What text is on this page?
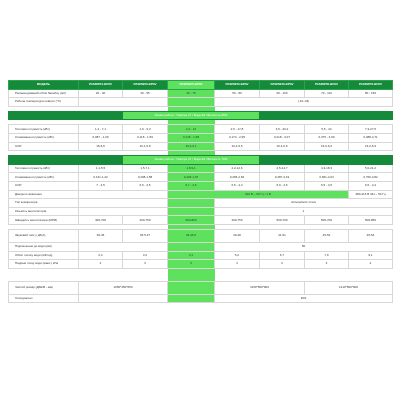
МОДЕЛЬ	PASRW15-BPAV	PASRW20-BPAV	PASRW25-BPAV	PASRW30-BPAV	PASRW40-BPAV	PASRW50-BPAV	PASRW70-BPAV
Рекомендований об'єм басейну (м3)	20 - 40	30 - 55	40 - 75	50 - 80	60 - 100	70 - 110	80 - 150
Робоча температура повітря (°C)				(-10~43)			

		Умови роботи : Повітря 27 / Вода 26 / Вологість 80%					

Теплова потужність (кВт)	1,4 - 7,1	1,9 - 9,3	2,4 - 12	2,5 - 17,8	3,5 - 20,2	5,5 - 24	7,3-27,5
Споживана потужність (кВт)	0,087 - 1,09	0,118 - 1,59	0,145 - 1,98	0,174 - 2,95	0,218 - 3,07	0,375 - 3,99	0,488-4,71
COP	16-6,5	16,1-5,8	16,3-6,1	16,3-6,5	16,3-6,6	16,0-6,0	16,0-5,9

		Умови роботи : Повітря 15 / Вода 26 / Вологість 70%					
Теплова потужність (кВт)	1,1-5,5	1,5-7,1	1,8-9,1	2,2-12,6	2,5-14,7	4,3-18,3	5,0-21,2
Споживана потужність (кВт)	0,131-1,22	0,208-1,58	0,225-1,97	0,265-2,84	0,287-3,19	0,661-4,04	0,769-4,82
COP	7 - 4,5	6,5 - 4,5	6,7 - 4,6	6,5 - 4,4	6,9 - 4,6	6,5 - 4,5	6,5 - 4,4
Джерело живлення			220 В ~ 50 Гц / 1 Ф				380-415 В /3Н ~ 50 Гц
Тип компресора				Atmospheric стиск			
Кількість вентиляторів				1			
Швидкість вентилятора (RPM)	400-700	400-750	600-800	400-750	500-700	500-700	500-850

Звуковий тиск у дБ(А)	36-45	36.5-47	39-46,5	40-48	41-51	45-52	45-54
Підключення до води (мм)				50			
Обсяг потоку води (м3/год)	2,4	3,2	4,1	5,2	6,7	7,9	9,1
Падіння тиску води (макс.) кПа	2	3	3	4	3	3	4

Чистий розмір (Д/Ш/В - мм)	1050*450*650			1150*500*900		1210*500*900	
Холодоагент				R32			
